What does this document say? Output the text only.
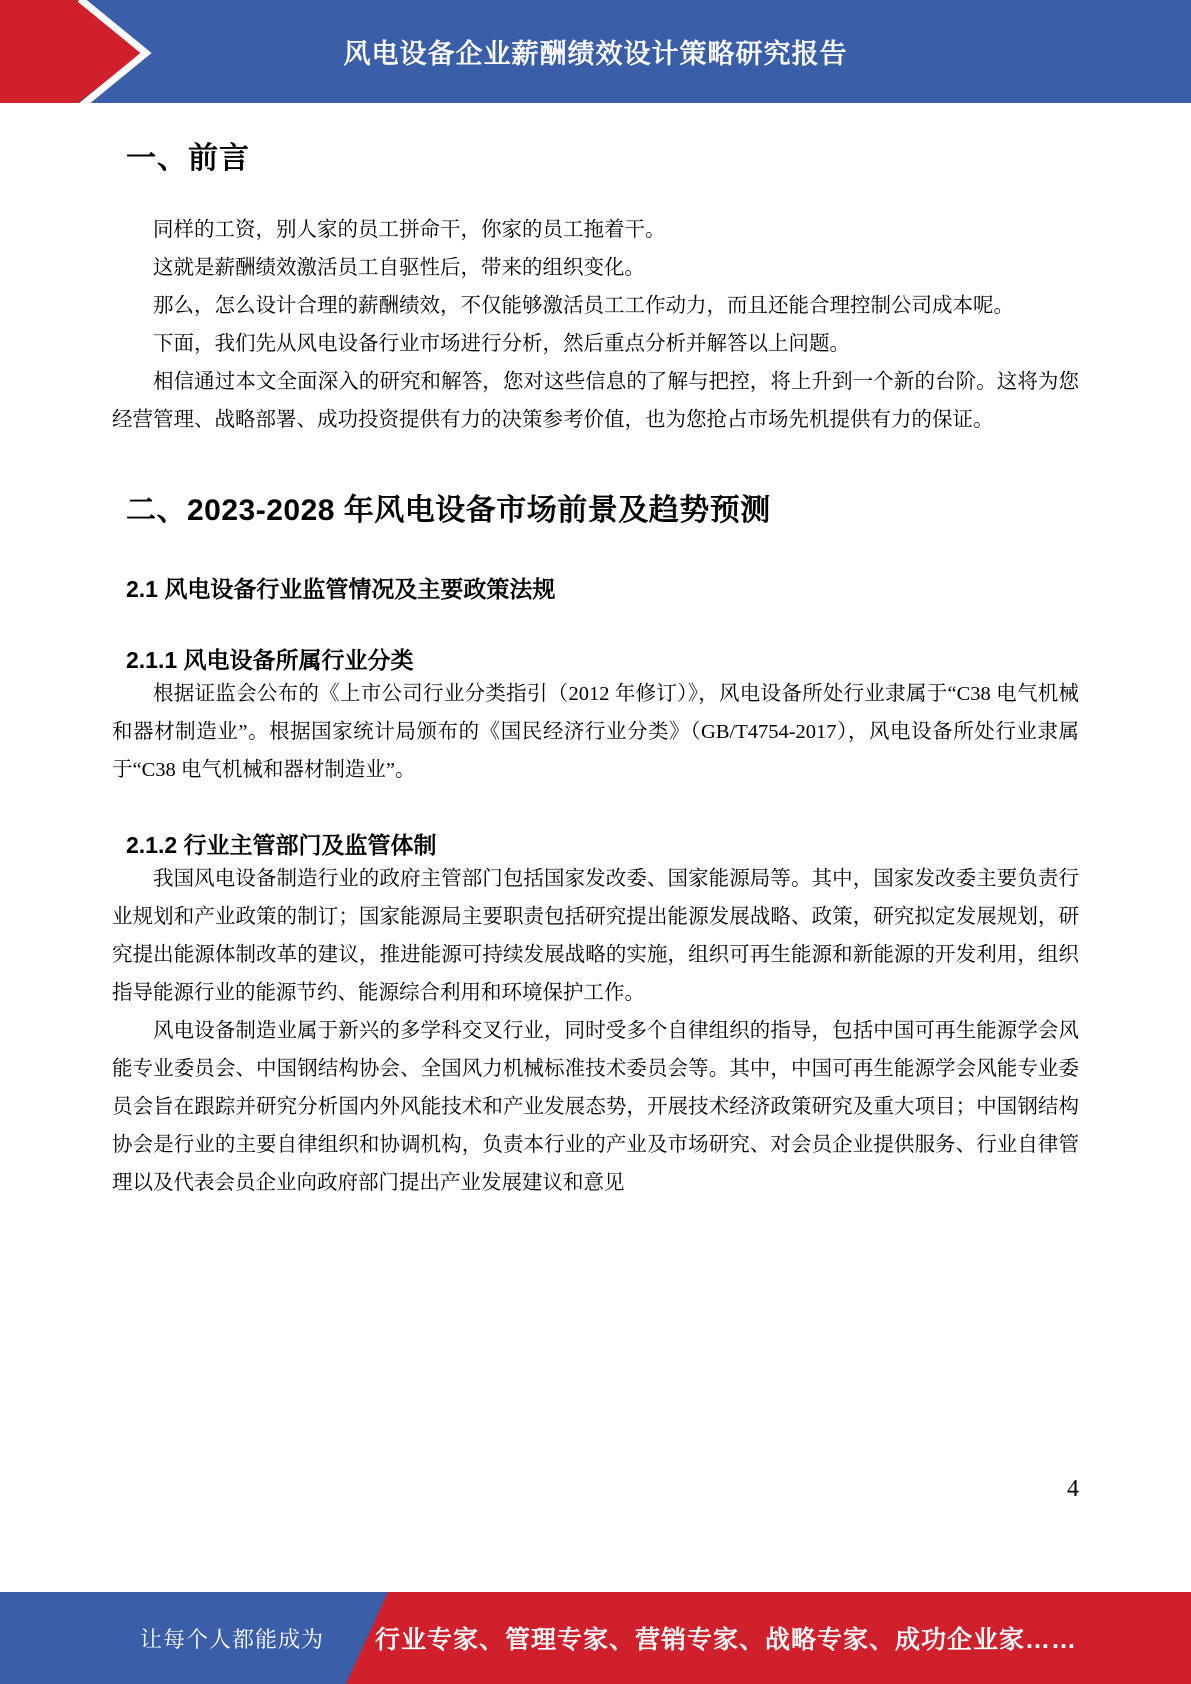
风电设备企业薪酬绩效设计策略研究报告
一、前言

同样的工资，别人家的员工拼命干，你家的员工拖着干。

这就是薪酬绩效激活员工自驱性后，带来的组织变化。

那么，怎么设计合理的薪酬绩效，不仅能够激活员工工作动力，而且还能合理控制公司成本呢。

下面，我们先从风电设备行业市场进行分析，然后重点分析并解答以上问题。

相信通过本文全面深入的研究和解答，您对这些信息的了解与把控，将上升到一个新的台阶。这将为您经营管理、战略部署、成功投资提供有力的决策参考价值，也为您抢占市场先机提供有力的保证。

二、2023-2028 年风电设备市场前景及趋势预测
2.1 风电设备行业监管情况及主要政策法规
2.1.1 风电设备所属行业分类

根据证监会公布的《上市公司行业分类指引（2012 年修订）》，风电设备所处行业隶属于“C38 电气机械和器材制造业”。根据国家统计局颁布的《国民经济行业分类》（GB/T4754-2017），风电设备所处行业隶属于“C38 电气机械和器材制造业”。

2.1.2 行业主管部门及监管体制

我国风电设备制造行业的政府主管部门包括国家发改委、国家能源局等。其中，国家发改委主要负责行业规划和产业政策的制订；国家能源局主要职责包括研究提出能源发展战略、政策，研究拟定发展规划，研究提出能源体制改革的建议，推进能源可持续发展战略的实施，组织可再生能源和新能源的开发利用，组织指导能源行业的能源节约、能源综合利用和环境保护工作。

风电设备制造业属于新兴的多学科交叉行业，同时受多个自律组织的指导，包括中国可再生能源学会风能专业委员会、中国钢结构协会、全国风力机械标准技术委员会等。其中，中国可再生能源学会风能专业委员会旨在跟踪并研究分析国内外风能技术和产业发展态势，开展技术经济政策研究及重大项目；中国钢结构协会是行业的主要自律组织和协调机构，负责本行业的产业及市场研究、对会员企业提供服务、行业自律管理以及代表会员企业向政府部门提出产业发展建议和意见

4
让每个人都能成为 行业专家、管理专家、营销专家、战略专家、成功企业家……
